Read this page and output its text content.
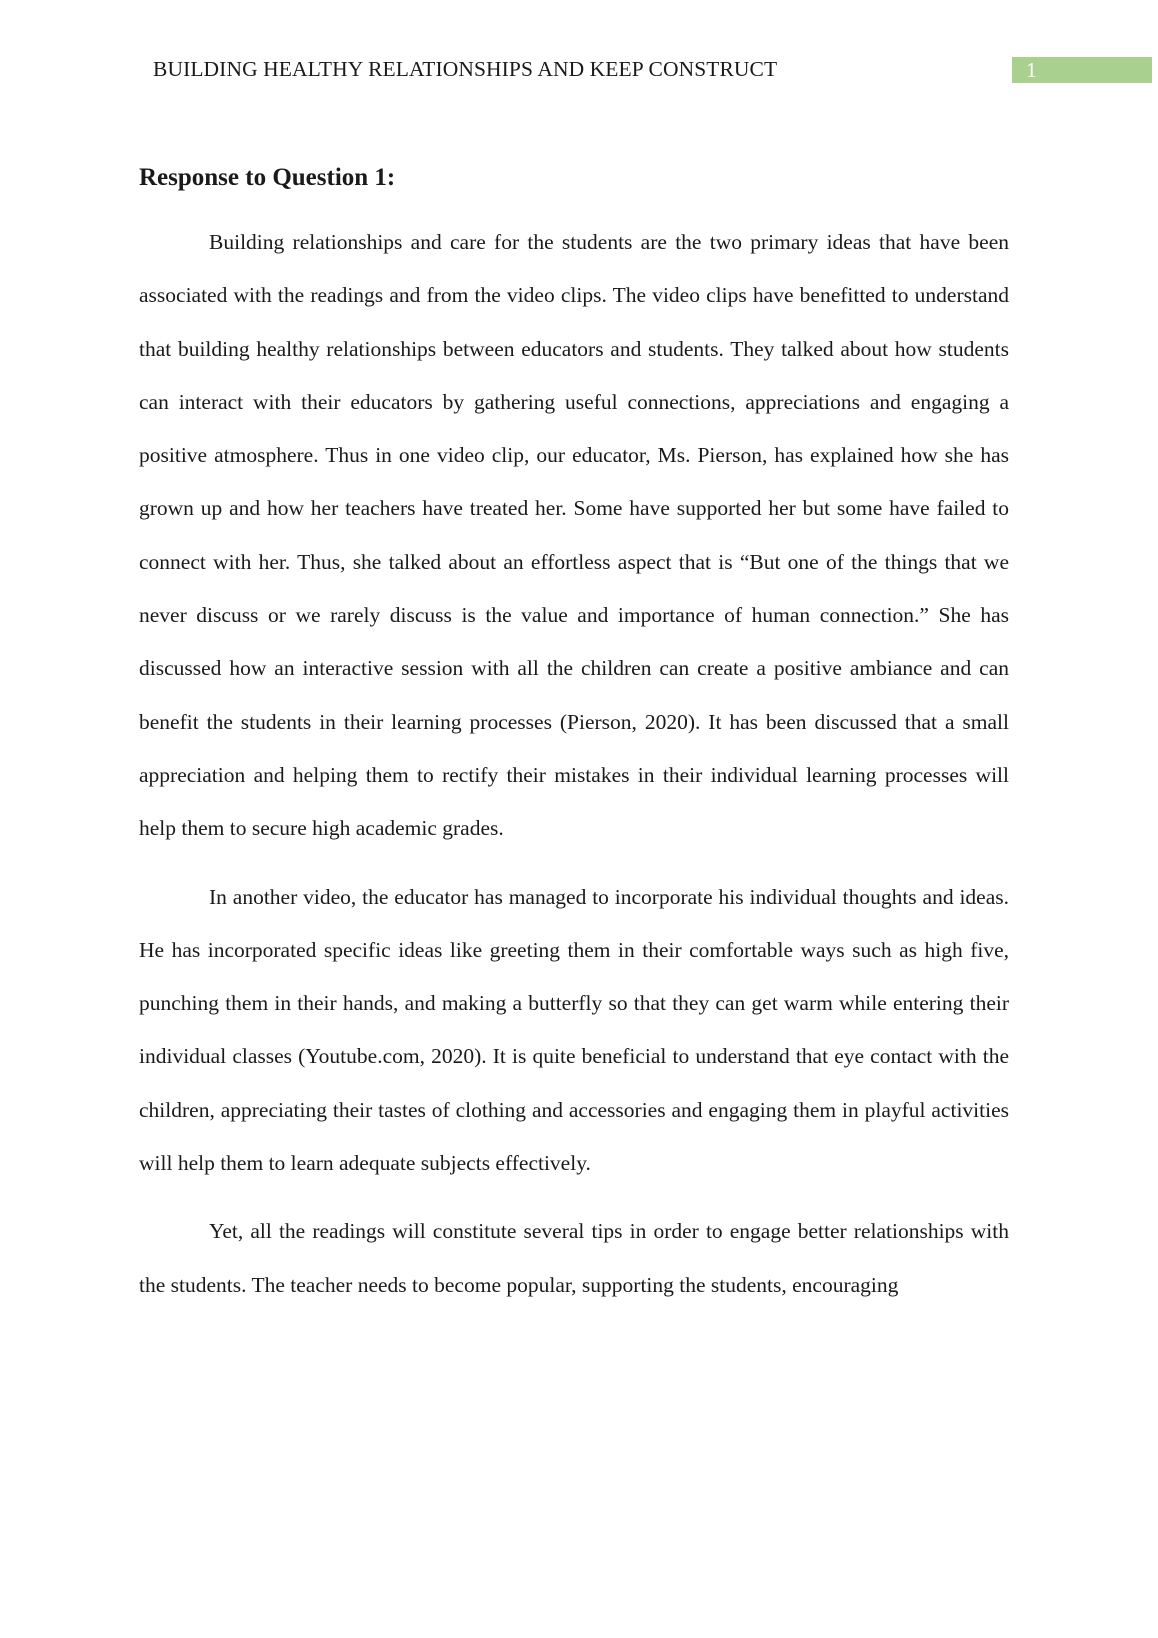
BUILDING HEALTHY RELATIONSHIPS AND KEEP CONSTRUCT	1
Response to Question 1:

Building relationships and care for the students are the two primary ideas that have been associated with the readings and from the video clips. The video clips have benefitted to understand that building healthy relationships between educators and students. They talked about how students can interact with their educators by gathering useful connections, appreciations and engaging a positive atmosphere. Thus in one video clip, our educator, Ms. Pierson, has explained how she has grown up and how her teachers have treated her. Some have supported her but some have failed to connect with her. Thus, she talked about an effortless aspect that is “But one of the things that we never discuss or we rarely discuss is the value and importance of human connection.” She has discussed how an interactive session with all the children can create a positive ambiance and can benefit the students in their learning processes (Pierson, 2020). It has been discussed that a small appreciation and helping them to rectify their mistakes in their individual learning processes will help them to secure high academic grades.

In another video, the educator has managed to incorporate his individual thoughts and ideas. He has incorporated specific ideas like greeting them in their comfortable ways such as high five, punching them in their hands, and making a butterfly so that they can get warm while entering their individual classes (Youtube.com, 2020). It is quite beneficial to understand that eye contact with the children, appreciating their tastes of clothing and accessories and engaging them in playful activities will help them to learn adequate subjects effectively.

Yet, all the readings will constitute several tips in order to engage better relationships with the students. The teacher needs to become popular, supporting the students, encouraging
